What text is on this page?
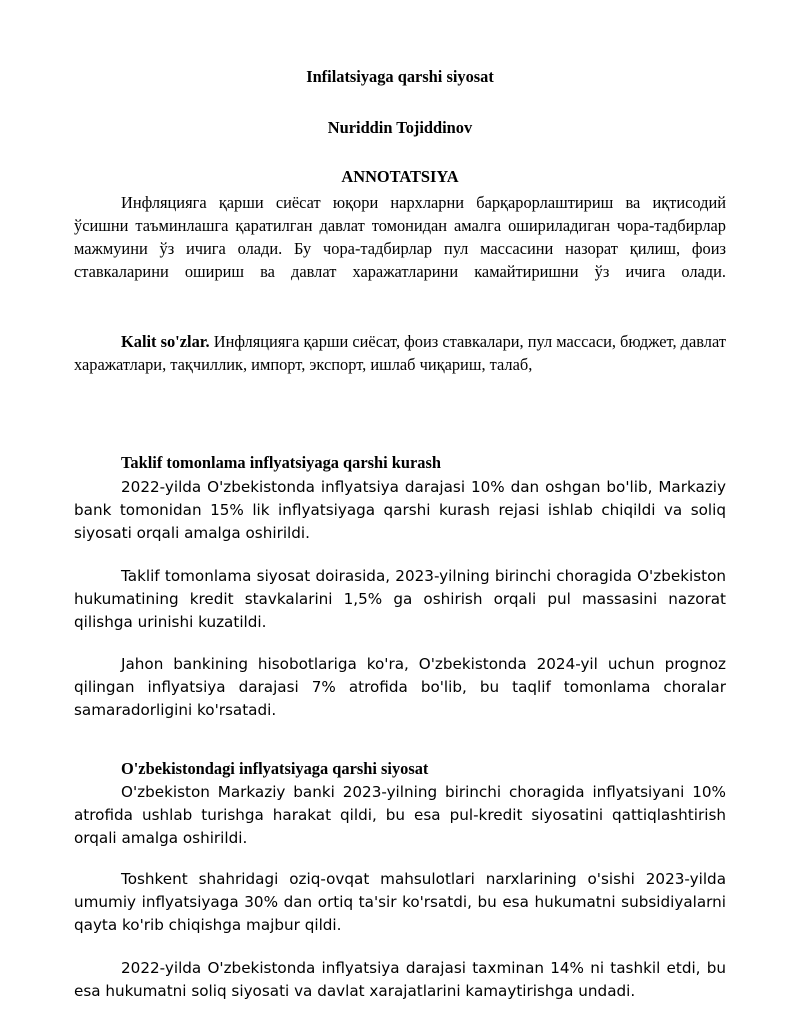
Infilatsiyaga qarshi siyosat
Nuriddin Tojiddinov
ANNOTATSIYA
Инфляцияга қарши сиёсат юқори нархларни барқарорлаштириш ва иқтисодий ўсишни таъминлашга қаратилган давлат томонидан амалга ошириладиган чора-тадбирлар мажмуини ўз ичига олади. Бу чора-тадбирлар пул массасини назорат қилиш, фоиз ставкаларини ошириш ва давлат харажатларини камайтиришни ўз ичига олади.
Kalit so'zlar. Инфляцияга қарши сиёсат, фоиз ставкалари, пул массаси, бюджет, давлат харажатлари, тақчиллик, импорт, экспорт, ишлаб чиқариш, талаб,
Taklif tomonlama inflyatsiyaga qarshi kurash
2022-yilda O'zbekistonda inflyatsiya darajasi 10% dan oshgan bo'lib, Markaziy bank tomonidan 15% lik inflyatsiyaga qarshi kurash rejasi ishlab chiqildi va soliq siyosati orqali amalga oshirildi.
Taklif tomonlama siyosat doirasida, 2023-yilning birinchi choragida O'zbekiston hukumatining kredit stavkalarini 1,5% ga oshirish orqali pul massasini nazorat qilishga urinishi kuzatildi.
Jahon bankining hisobotlariga ko'ra, O'zbekistonda 2024-yil uchun prognoz qilingan inflyatsiya darajasi 7% atrofida bo'lib, bu taqlif tomonlama choralar samaradorligini ko'rsatadi.
O'zbekistondagi inflyatsiyaga qarshi siyosat
O'zbekiston Markaziy banki 2023-yilning birinchi choragida inflyatsiyani 10% atrofida ushlab turishga harakat qildi, bu esa pul-kredit siyosatini qattiqlashtirish orqali amalga oshirildi.
Toshkent shahridagi oziq-ovqat mahsulotlari narxlarining o'sishi 2023-yilda umumiy inflyatsiyaga 30% dan ortiq ta'sir ko'rsatdi, bu esa hukumatni subsidiyalarni qayta ko'rib chiqishga majbur qildi.
2022-yilda O'zbekistonda inflyatsiya darajasi taxminan 14% ni tashkil etdi, bu esa hukumatni soliq siyosati va davlat xarajatlarini kamaytirishga undadi.
